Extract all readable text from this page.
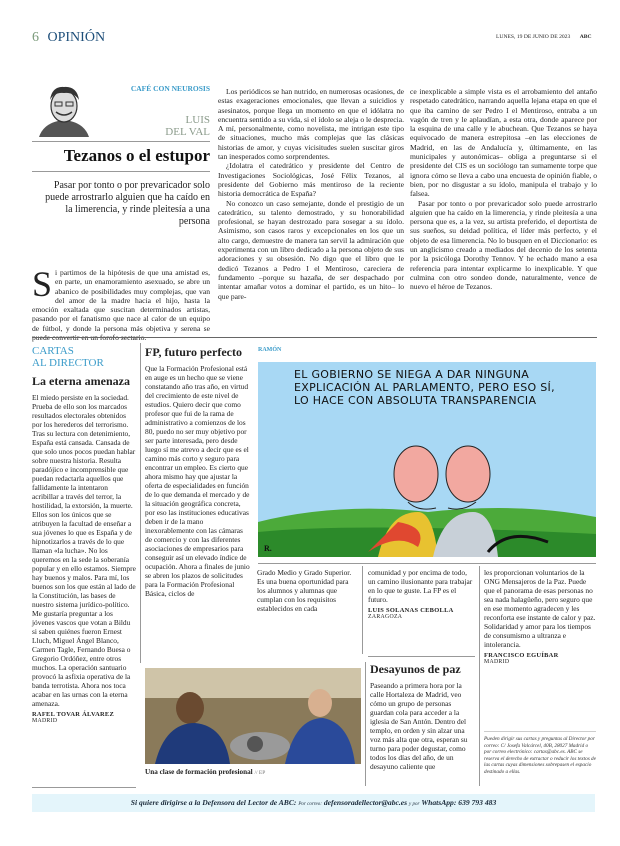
6 OPINIÓN	LUNES, 19 DE JUNIO DE 2023 ABC
CAFÉ CON NEUROSIS
LUIS
DEL VAL
Tezanos o el estupor
Pasar por tonto o por prevaricador solo puede arrostrarlo alguien que ha caído en la limerencia, y rinde pleitesía a una persona
Si partimos de la hipótesis de que una amistad es, en parte, un enamoramiento asexuado, se abre un abanico de posibilidades muy complejas, que van del amor de la madre hacia el hijo, hasta la emoción exaltada que suscitan determinados artistas, pasando por el fanatismo que nace al calor de un equipo de fútbol, y donde la persona más objetiva y serena se

Los periódicos se han nutrido, en numerosas ocasiones, de estas exageraciones emocionales, que llevan a suicidios y asesinatos, porque llega un momento en que el idólatra no encuentra sentido a su vida, si el ídolo se aleja o le desprecia. A mí, personalmente, como novelista, me intrigan este tipo de situaciones, mucho más complejas que las clásicas historias de amor, y cuyas vicisitudes suelen suscitar giros tan inesperados como sorprendentes.

¿Idolatra el catedrático y presidente del Centro de Investigaciones Sociológicas, José Félix Tezanos, al presidente del Gobierno más mentiroso de la reciente historia democrática de España?

No conozco un caso semejante, donde el prestigio de un catedrático, su talento demostrado, y su honorabilidad profesional, se hayan destrozado para sosegar a su ídolo. Asimismo, son casos raros y excepcionales en los que un alto cargo, demuestre de manera tan servil la admiración que experimenta con un libro dedicado a la persona objeto de sus adoraciones y su obsesión. No digo que el libro que le dedicó Tezanos a Pedro I el Mentiroso, careciera de fundamento –porque su hazaña, de ser despachado por intentar amañar votos a dominar el partido, es un hito– lo que pare-

ce inexplicable a simple vista es el arrobamiento del antaño respetado catedrático, narrando aquella lejana etapa en que el que iba camino de ser Pedro I el Mentiroso, entraba a un vagón de tren y le aplaudían, a esta otra, donde aparece por la esquina de una calle y le abuchean. Que Tezanos se haya equivocado de manera estrepitosa –en las elecciones de Madrid, en las de Andalucía y, últimamente, en las municipales y autonómicas– obliga a preguntarse si el presidente del CIS es un sociólogo tan sumamente torpe que ignora cómo se lleva a cabo una encuesta de opinión fiable, o bien, por no disgustar a su ídolo, manipula el trabajo y lo falsea.

Pasar por tonto o por prevaricador solo puede arrostrarlo alguien que ha caído en la limerencia, y rinde pleitesía a una persona que es, a la vez, su artista preferido, el deportista de sus sueños, su deidad política, el líder más perfecto, y el objeto de esa limerencia. No lo busquen en el Diccionario: es un anglicismo creado a mediados del decenio de los setenta por la psicóloga Dorothy Tennov. Y he echado mano a esa referencia para intentar explicarme lo inexplicable. Y que culmina con otro sondeo donde, naturalmente, vence de nuevo el héroe de Tezanos.

CARTAS
AL DIRECTOR
La eterna amenaza
El miedo persiste en la sociedad. Prueba de ello son los marcados resultados electorales obtenidos por los herederos del terrorismo. Tras su lectura con detenimiento, España está cansada. Cansada de que solo unos pocos puedan hablar sobre nuestra historia. Resulta paradójico e incomprensible que puedan redactarla aquellos que fallidamente la intentaron acribillar a través del terror, la hostilidad, la extorsión, la muerte. Ellos son los únicos que se atribuyen la facultad de enseñar a sua jóvenes lo que es España y de hipnotizarlos a través de lo que llaman «la lucha». No los queremos en la sede la soberanía popular y en ello estamos. Siempre hay buenos y malos. Para mí, los buenos son los que están al lado de la Constitución, las bases de nuestro sistema jurídico-político. Me gustaría preguntar a los jóvenes vascos que votan a Bildu si saben quiénes fueron Ernest Lluch, Miguel Ángel Blanco, Carmen Tagle, Fernando Buesa o Gregorio Ordóñez, entre otros muchos. La operación santuario provocó la asfixia operativa de la banda terrotista. Ahora nos toca acabar en las urnas con la eterna amenaza.
RAFEL TOVAR ÁLVAREZ
MADRID
FP, futuro perfecto
Que la Formación Profesional está en auge es un hecho que se viene constatando año tras año, en virtud del crecimiento de este nivel de estudios. Quiero decir que como profesor que fui de la rama de administrativo a comienzos de los 80, puedo no ser muy objetivo por ser parte interesada, pero desde luego sí me atrevo a decir que es el camino más corto y seguro para encontrar un empleo. Es cierto que ahora mismo hay que ajustar la oferta de especialidades en función de lo que demanda el mercado y de la situación geográfica concreta, por eso las instituciones educativas deben ir de la mano inexorablemente con las cámaras de comercio y con las diferentes asociaciones de empresarios para conseguir así un elevado índice de ocupación. Ahora a finales de junio se abren los plazos de solicitudes para la Formación Profesional Básica, ciclos de
Grado Medio y Grado Superior. Es una buena oportunidad para los alumnos y alumnas que cumplan con los requisitos establecidos en cada
comunidad y por encima de todo, un camino ilusionante para trabajar en lo que te guste. La FP es el futuro.
LUIS SOLANAS CEBOLLA
ZARAGOZA
Una clase de formación profesional // EP
Desayunos de paz
Paseando a primera hora por la calle Hortaleza de Madrid, veo cómo un grupo de personas guardan cola para acceder a la iglesia de San Antón. Dentro del templo, en orden y sin alzar una voz más alta que otra, esperan su turno para poder degustar, como todos los días del año, de un desayuno caliente que
les proporcionan voluntarios de la ONG Mensajeros de la Paz. Puede que el panorama de esas personas no sea nada halagüeño, pero seguro que en ese momento agradecen y les reconforta ese instante de calor y paz. Solidaridad y amor para los tiempos de consumismo a ultranza e intolerancia.
FRANCISCO EGUÍBAR
MADRID
Pueden dirigir sus cartas y preguntas al Director por correo: C/ Josefa Valcárcel, 40B, 28027 Madrid o por correo electrónico: cartas@abc.es. ABC se reserva el derecho de extractar o reducir los textos de las cartas cuyas dimensiones sobrepasen el espacio destinado a ellas.
RAMÓN
EL GOBIERNO SE NIEGA A DAR NINGUNA EXPLICACIÓN AL PARLAMENTO, PERO ESO SÍ, LO HACE CON ABSOLUTA TRANSPARENCIA
R.
Si quiere dirigirse a la Defensora del Lector de ABC: Por correo: defensoradellector@abc.es y por WhatsApp: 639 793 483
